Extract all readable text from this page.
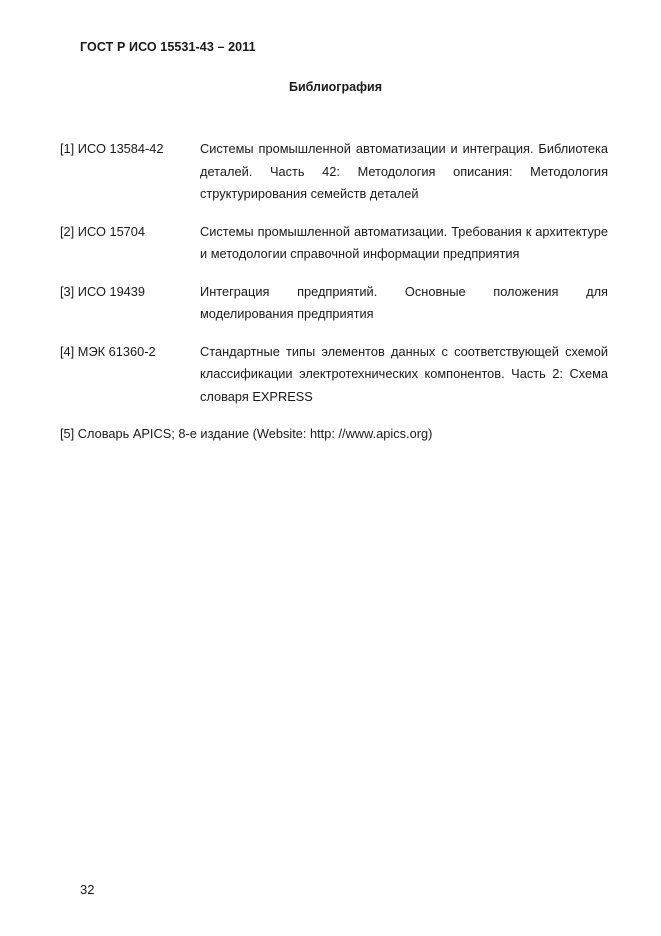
ГОСТ Р ИСО 15531-43 – 2011
Библиография
[1] ИСО 13584-42	Системы промышленной автоматизации и интеграция. Библиотека деталей. Часть 42: Методология описания: Методология структурирования семейств деталей
[2] ИСО 15704	Системы промышленной автоматизации. Требования к архитектуре и методологии справочной информации предприятия
[3] ИСО 19439	Интеграция предприятий. Основные положения для моделирования предприятия
[4] МЭК 61360-2	Стандартные типы элементов данных с соответствующей схемой классификации электротехнических компонентов. Часть 2: Схема словаря EXPRESS
[5] Словарь APICS; 8-е издание (Website: http: //www.apics.org)
32
